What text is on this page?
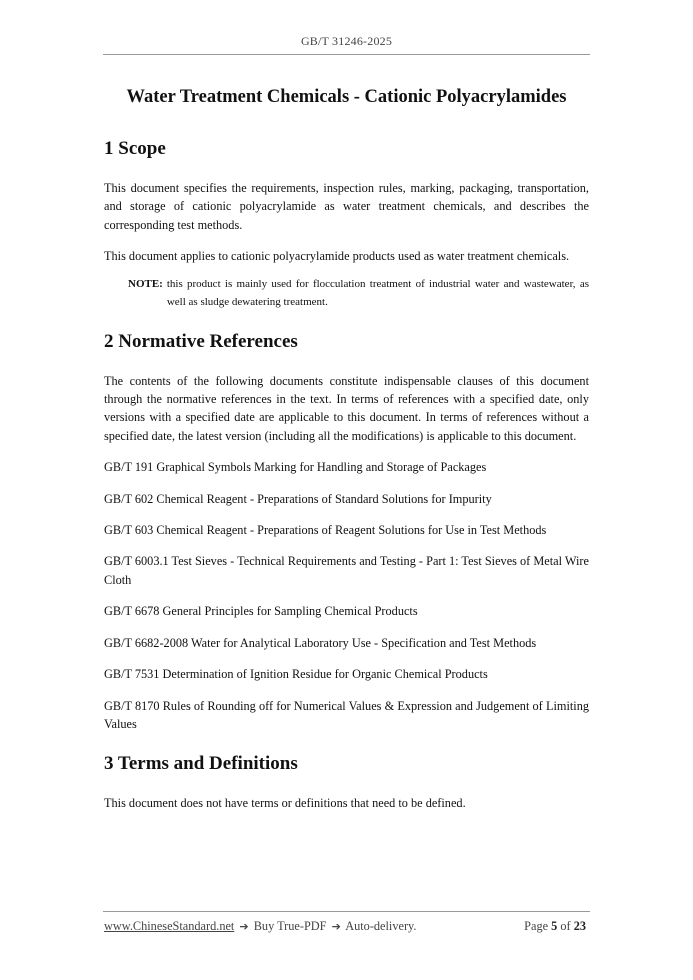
GB/T 31246-2025
Water Treatment Chemicals - Cationic Polyacrylamides
1 Scope

This document specifies the requirements, inspection rules, marking, packaging, transportation, and storage of cationic polyacrylamide as water treatment chemicals, and describes the corresponding test methods.

This document applies to cationic polyacrylamide products used as water treatment chemicals.

NOTE: this product is mainly used for flocculation treatment of industrial water and wastewater, as well as sludge dewatering treatment.
2 Normative References

The contents of the following documents constitute indispensable clauses of this document through the normative references in the text. In terms of references with a specified date, only versions with a specified date are applicable to this document. In terms of references without a specified date, the latest version (including all the modifications) is applicable to this document.

GB/T 191 Graphical Symbols Marking for Handling and Storage of Packages

GB/T 602 Chemical Reagent - Preparations of Standard Solutions for Impurity

GB/T 603 Chemical Reagent - Preparations of Reagent Solutions for Use in Test Methods

GB/T 6003.1 Test Sieves - Technical Requirements and Testing - Part 1: Test Sieves of Metal Wire Cloth

GB/T 6678 General Principles for Sampling Chemical Products

GB/T 6682-2008 Water for Analytical Laboratory Use - Specification and Test Methods

GB/T 7531 Determination of Ignition Residue for Organic Chemical Products

GB/T 8170 Rules of Rounding off for Numerical Values & Expression and Judgement of Limiting Values

3 Terms and Definitions

This document does not have terms or definitions that need to be defined.

www.ChineseStandard.net ➔ Buy True-PDF ➔ Auto-delivery.	Page 5 of 23
